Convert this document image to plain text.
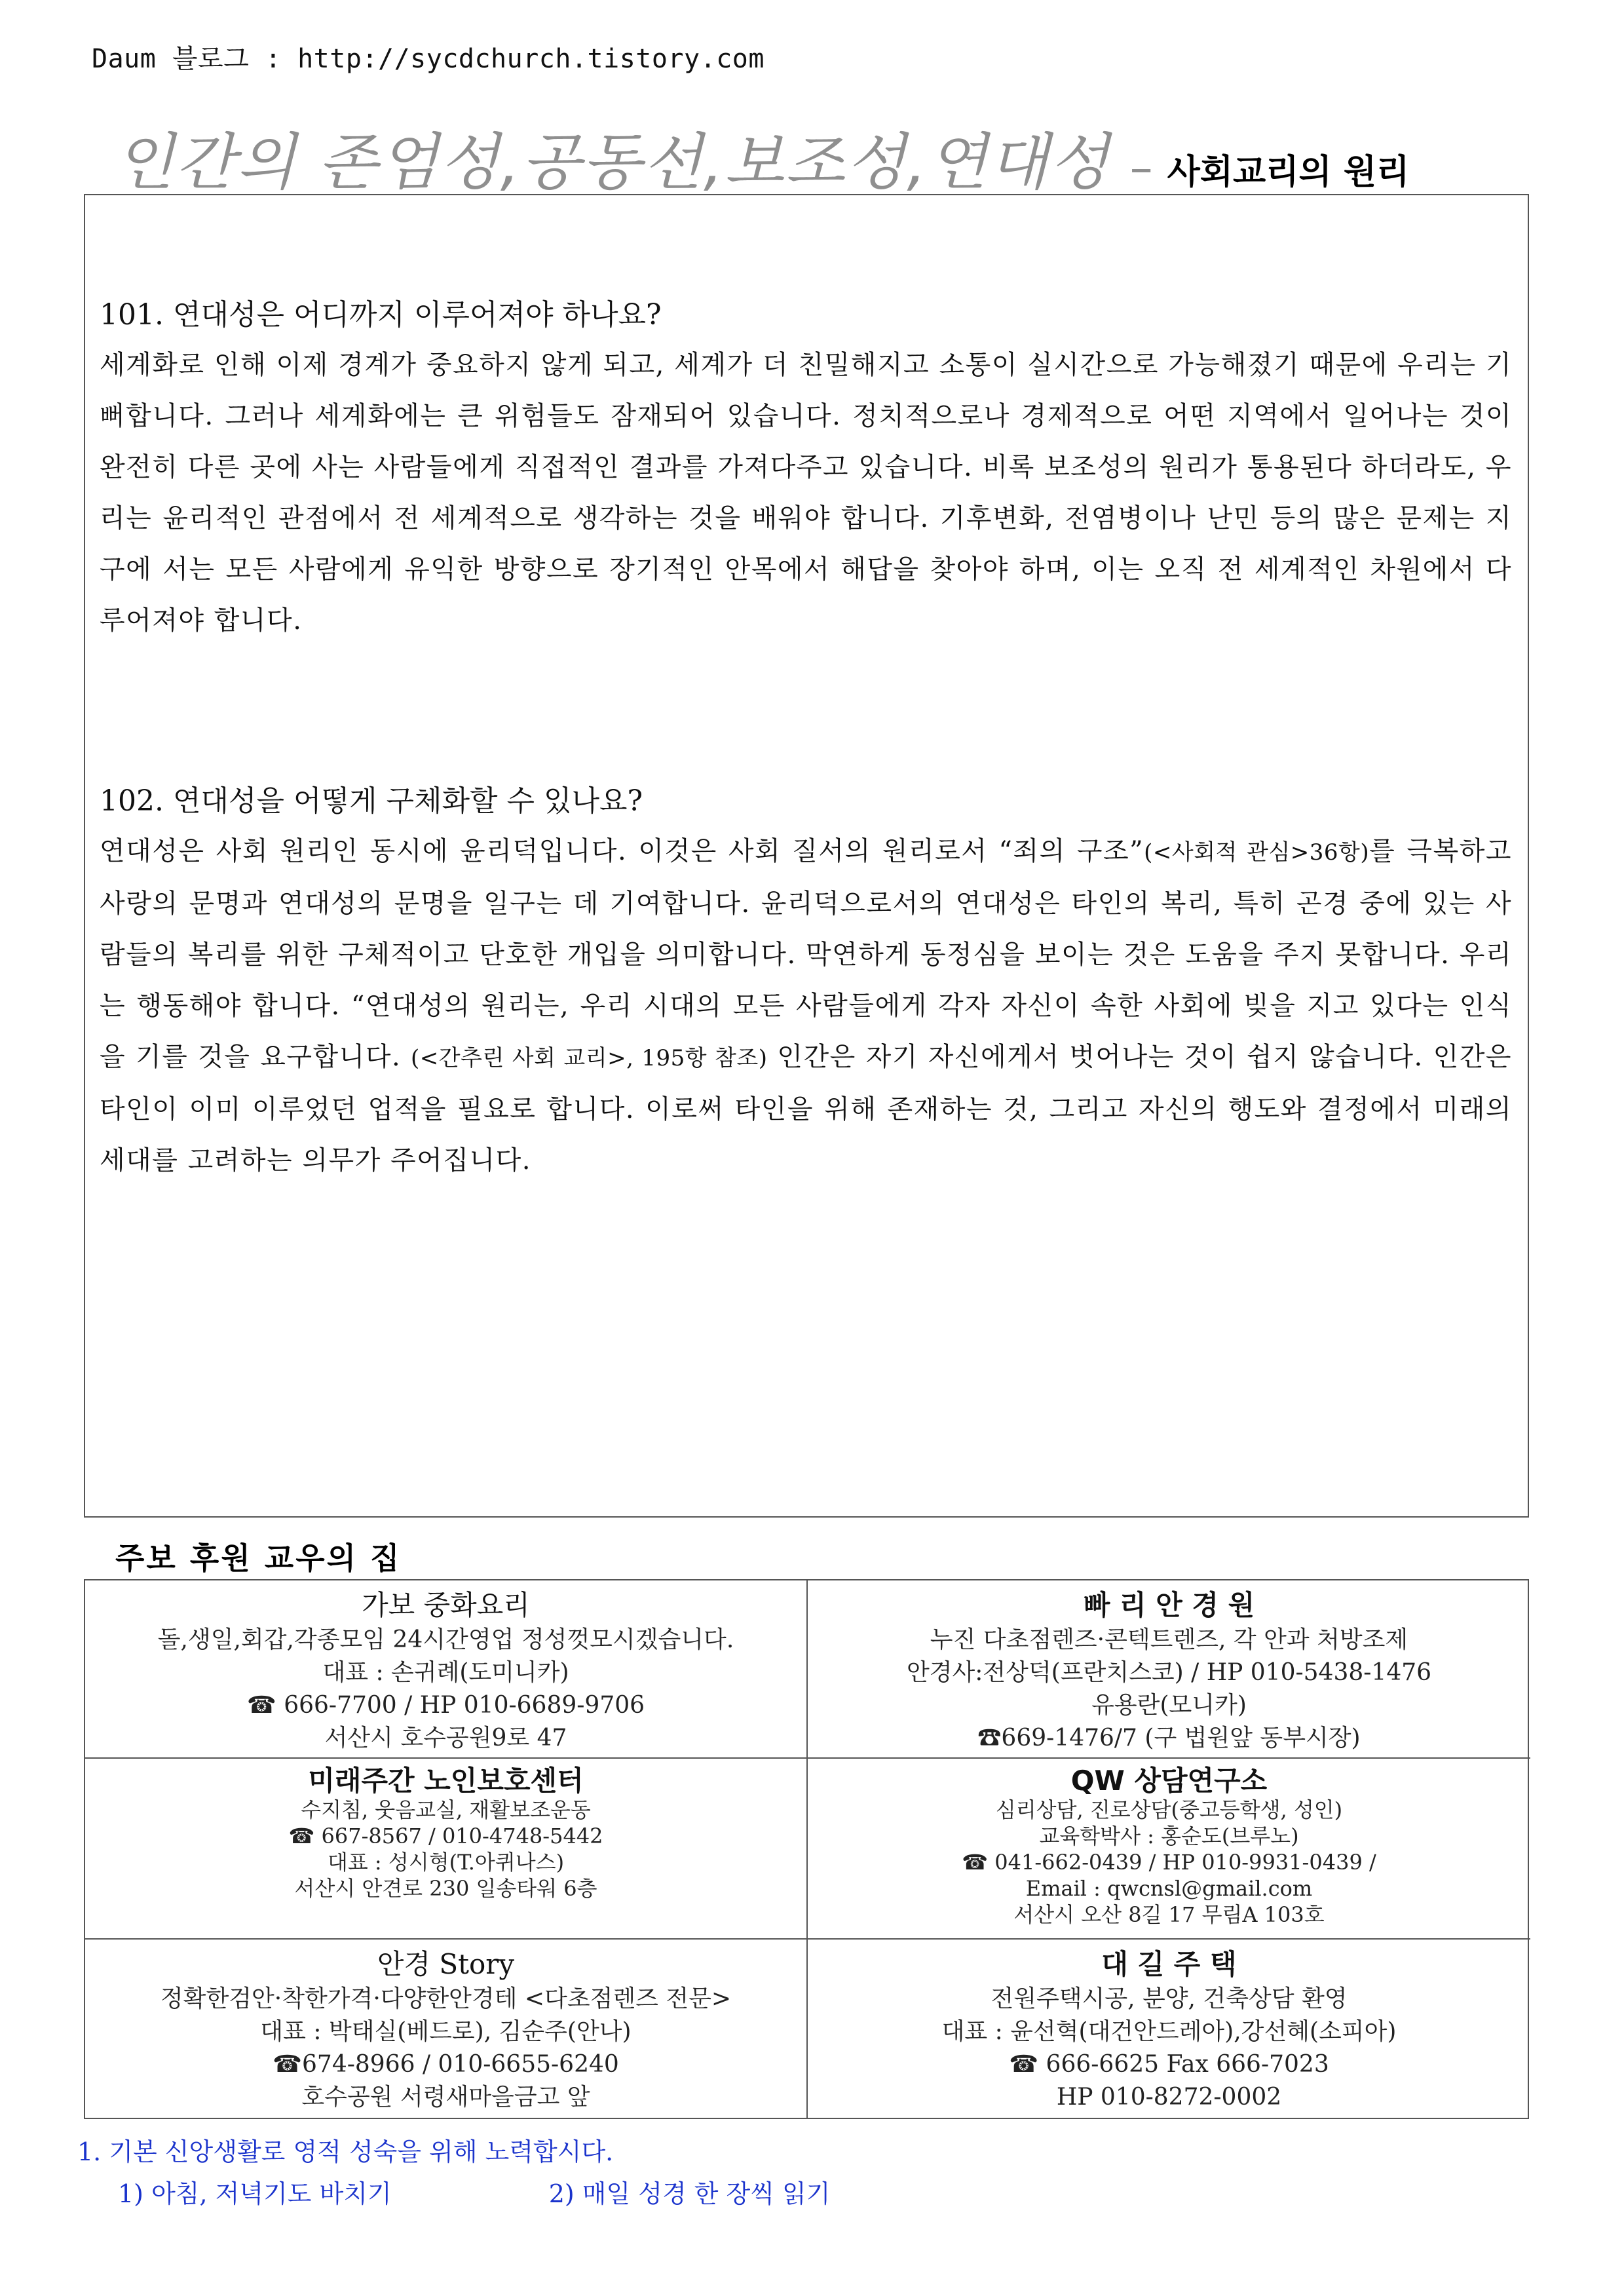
Daum 블로그 : http://sycdchurch.tistory.com
인간의 존엄성,공동선,보조성,연대성 – 사회교리의 원리
101. 연대성은 어디까지 이루어져야 하나요?
세계화로 인해 이제 경계가 중요하지 않게 되고, 세계가 더 친밀해지고 소통이 실시간으로 가능해졌기 때문에 우리는 기뻐합니다. 그러나 세계화에는 큰 위험들도 잠재되어 있습니다. 정치적으로나 경제적으로 어떤 지역에서 일어나는 것이 완전히 다른 곳에 사는 사람들에게 직접적인 결과를 가져다주고 있습니다. 비록 보조성의 원리가 통용된다 하더라도, 우리는 윤리적인 관점에서 전 세계적으로 생각하는 것을 배워야 합니다. 기후변화, 전염병이나 난민 등의 많은 문제는 지구에 서는 모든 사람에게 유익한 방향으로 장기적인 안목에서 해답을 찾아야 하며, 이는 오직 전 세계적인 차원에서 다루어져야 합니다.
102. 연대성을 어떻게 구체화할 수 있나요?
연대성은 사회 원리인 동시에 윤리덕입니다. 이것은 사회 질서의 원리로서 “죄의 구조”(<사회적 관심>36항)를 극복하고 사랑의 문명과 연대성의 문명을 일구는 데 기여합니다. 윤리덕으로서의 연대성은 타인의 복리, 특히 곤경 중에 있는 사람들의 복리를 위한 구체적이고 단호한 개입을 의미합니다. 막연하게 동정심을 보이는 것은 도움을 주지 못합니다. 우리는 행동해야 합니다. “연대성의 원리는, 우리 시대의 모든 사람들에게 각자 자신이 속한 사회에 빚을 지고 있다는 인식을 기를 것을 요구합니다. (<간추린 사회 교리>, 195항 참조) 인간은 자기 자신에게서 벗어나는 것이 쉽지 않습니다. 인간은 타인이 이미 이루었던 업적을 필요로 합니다. 이로써 타인을 위해 존재하는 것, 그리고 자신의 행도와 결정에서 미래의 세대를 고려하는 의무가 주어집니다.
주보 후원 교우의 집
가보 중화요리
돌,생일,회갑,각종모임 24시간영업 정성껏모시겠습니다.
대표 : 손귀례(도미니카)
☎ 666-7700 / HP 010-6689-9706
서산시 호수공원9로 47
빠 리 안 경 원
누진 다초점렌즈·콘텍트렌즈, 각 안과 처방조제
안경사:전상덕(프란치스코) / HP 010-5438-1476
유용란(모니카)
☎669-1476/7 (구 법원앞 동부시장)
미래주간 노인보호센터
수지침, 웃음교실, 재활보조운동
☎ 667-8567 / 010-4748-5442
대표 : 성시형(T.아퀴나스)
서산시 안견로 230 일송타워 6층
QW 상담연구소
심리상담, 진로상담(중고등학생, 성인)
교육학박사 : 홍순도(브루노)
☎ 041-662-0439 / HP 010-9931-0439 /
Email : qwcnsl@gmail.com
서산시 오산 8길 17 무림A 103호
안경 Story
정확한검안·착한가격·다양한안경테 <다초점렌즈 전문>
대표 : 박태실(베드로), 김순주(안나)
☎674-8966 / 010-6655-6240
호수공원 서령새마을금고 앞
대 길 주 택
전원주택시공, 분양, 건축상담 환영
대표 : 윤선혁(대건안드레아),강선혜(소피아)
☎ 666-6625 Fax 666-7023
HP 010-8272-0002
1. 기본 신앙생활로 영적 성숙을 위해 노력합시다.
1) 아침, 저녁기도 바치기	2) 매일 성경 한 장씩 읽기
